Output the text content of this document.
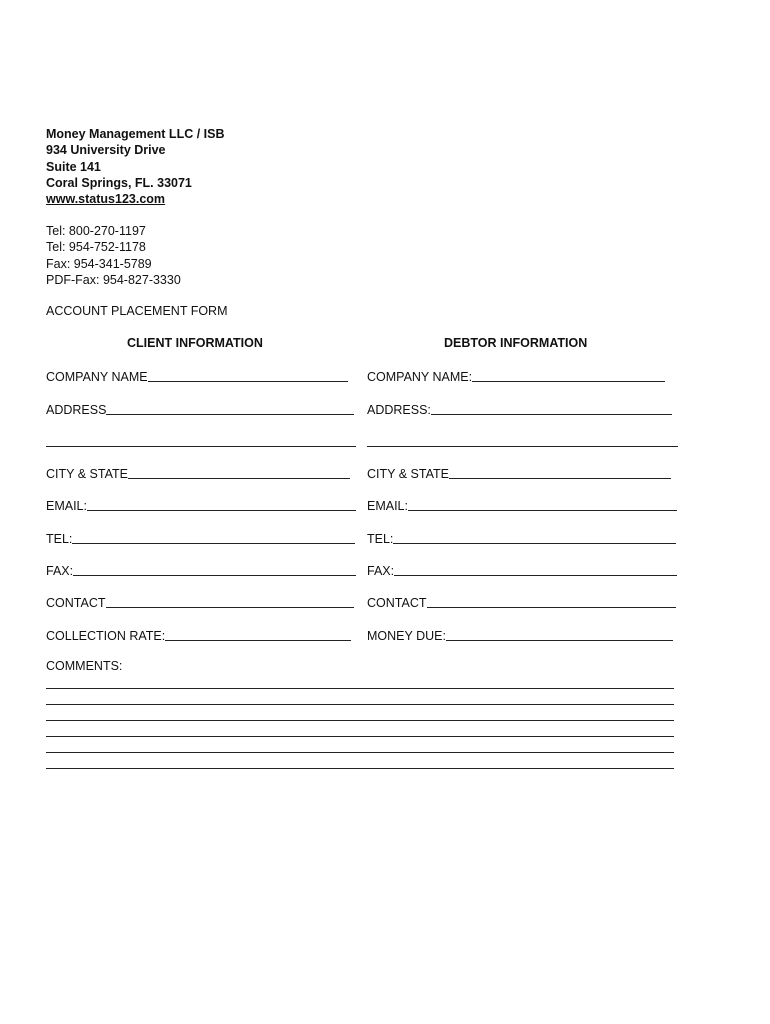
Money Management LLC / ISB
934 University Drive
Suite 141
Coral Springs, FL. 33071
www.status123.com
Tel: 800-270-1197
Tel: 954-752-1178
Fax: 954-341-5789
PDF-Fax: 954-827-3330
ACCOUNT PLACEMENT FORM
CLIENT INFORMATION	DEBTOR INFORMATION
COMPANY NAME	COMPANY NAME:
ADDRESS	ADDRESS:
CITY & STATE	CITY & STATE
EMAIL:	EMAIL:
TEL:	TEL:
FAX:	FAX:
CONTACT	CONTACT
COLLECTION RATE:	MONEY DUE:
COMMENTS:
